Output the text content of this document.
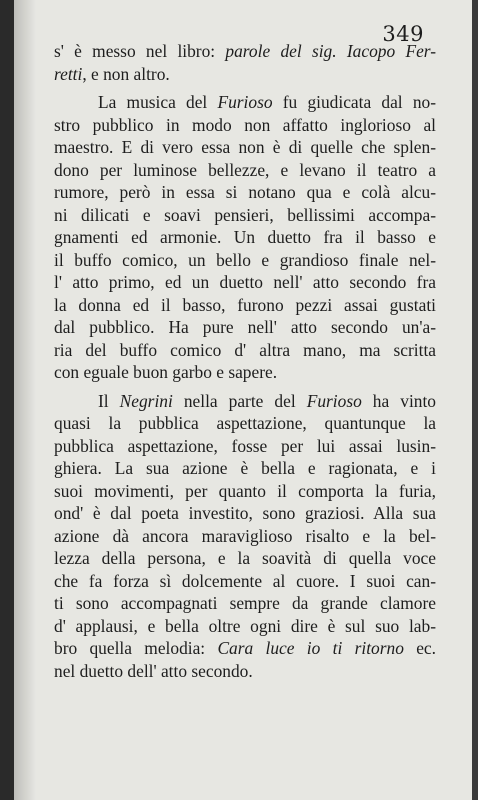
349
s' è messo nel libro: parole del sig. Iacopo Fer-
retti, e non altro.
La musica del Furioso fu giudicata dal no-
stro pubblico in modo non affatto inglorioso al
maestro. E di vero essa non è di quelle che splen-
dono per luminose bellezze, e levano il teatro a
rumore, però in essa si notano qua e colà alcu-
ni dilicati e soavi pensieri, bellissimi accompa-
gnamenti ed armonie. Un duetto fra il basso e
il buffo comico, un bello e grandioso finale nel-
l' atto primo, ed un duetto nell' atto secondo fra
la donna ed il basso, furono pezzi assai gustati
dal pubblico. Ha pure nell' atto secondo un'a-
ria del buffo comico d' altra mano, ma scritta
con eguale buon garbo e sapere.
Il Negrini nella parte del Furioso ha vinto
quasi la pubblica aspettazione, quantunque la
pubblica aspettazione, fosse per lui assai lusin-
ghiera. La sua azione è bella e ragionata, e i
suoi movimenti, per quanto il comporta la furia,
ond' è dal poeta investito, sono graziosi. Alla sua
azione dà ancora maraviglioso risalto e la bel-
lezza della persona, e la soavità di quella voce
che fa forza sì dolcemente al cuore. I suoi can-
ti sono accompagnati sempre da grande clamore
d' applausi, e bella oltre ogni dire è sul suo lab-
bro quella melodia: Cara luce io ti ritorno ec.
nel duetto dell' atto secondo.
